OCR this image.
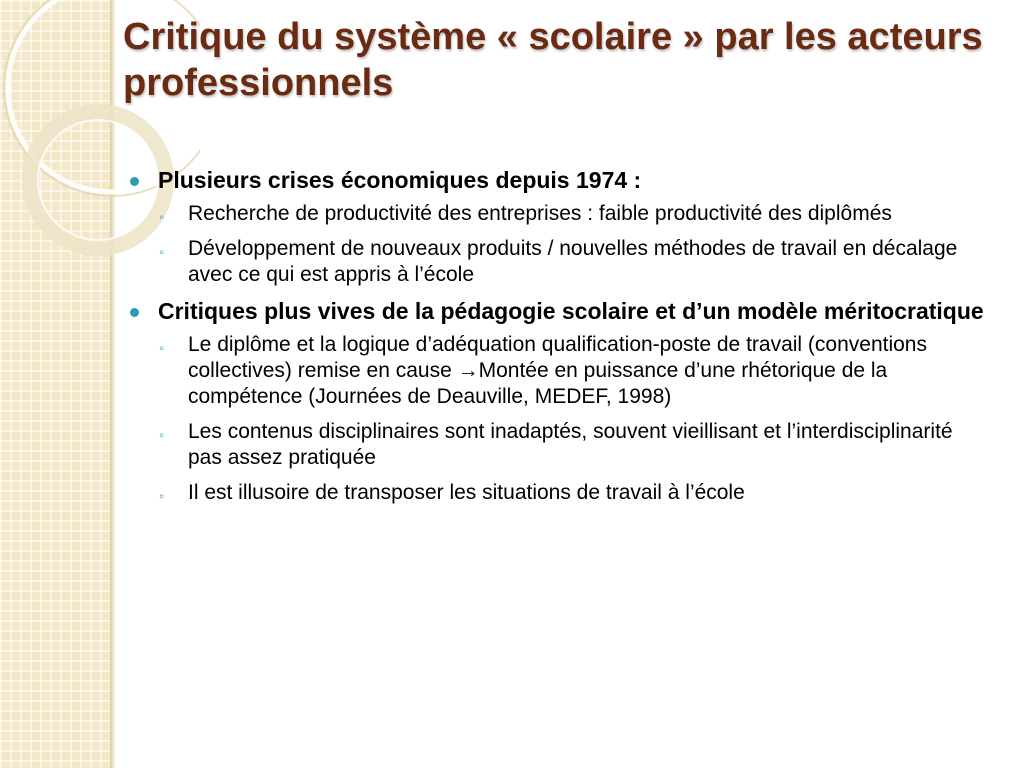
Critique du système « scolaire » par les acteurs professionnels
Plusieurs crises économiques depuis 1974 :
◦ Recherche de productivité des entreprises : faible productivité des diplômés
◦ Développement de nouveaux produits / nouvelles méthodes de travail en décalage avec ce qui est appris à l’école
Critiques plus vives de la pédagogie scolaire et d’un modèle méritocratique
◦ Le diplôme et la logique d’adéquation qualification-poste de travail (conventions collectives) remise en cause →Montée en puissance d’une rhétorique de la compétence (Journées de Deauville, MEDEF, 1998)
◦ Les contenus disciplinaires sont inadaptés, souvent vieillisant et l’interdisciplinarité pas assez pratiquée
◦ Il est illusoire de transposer les situations de travail à l’école
